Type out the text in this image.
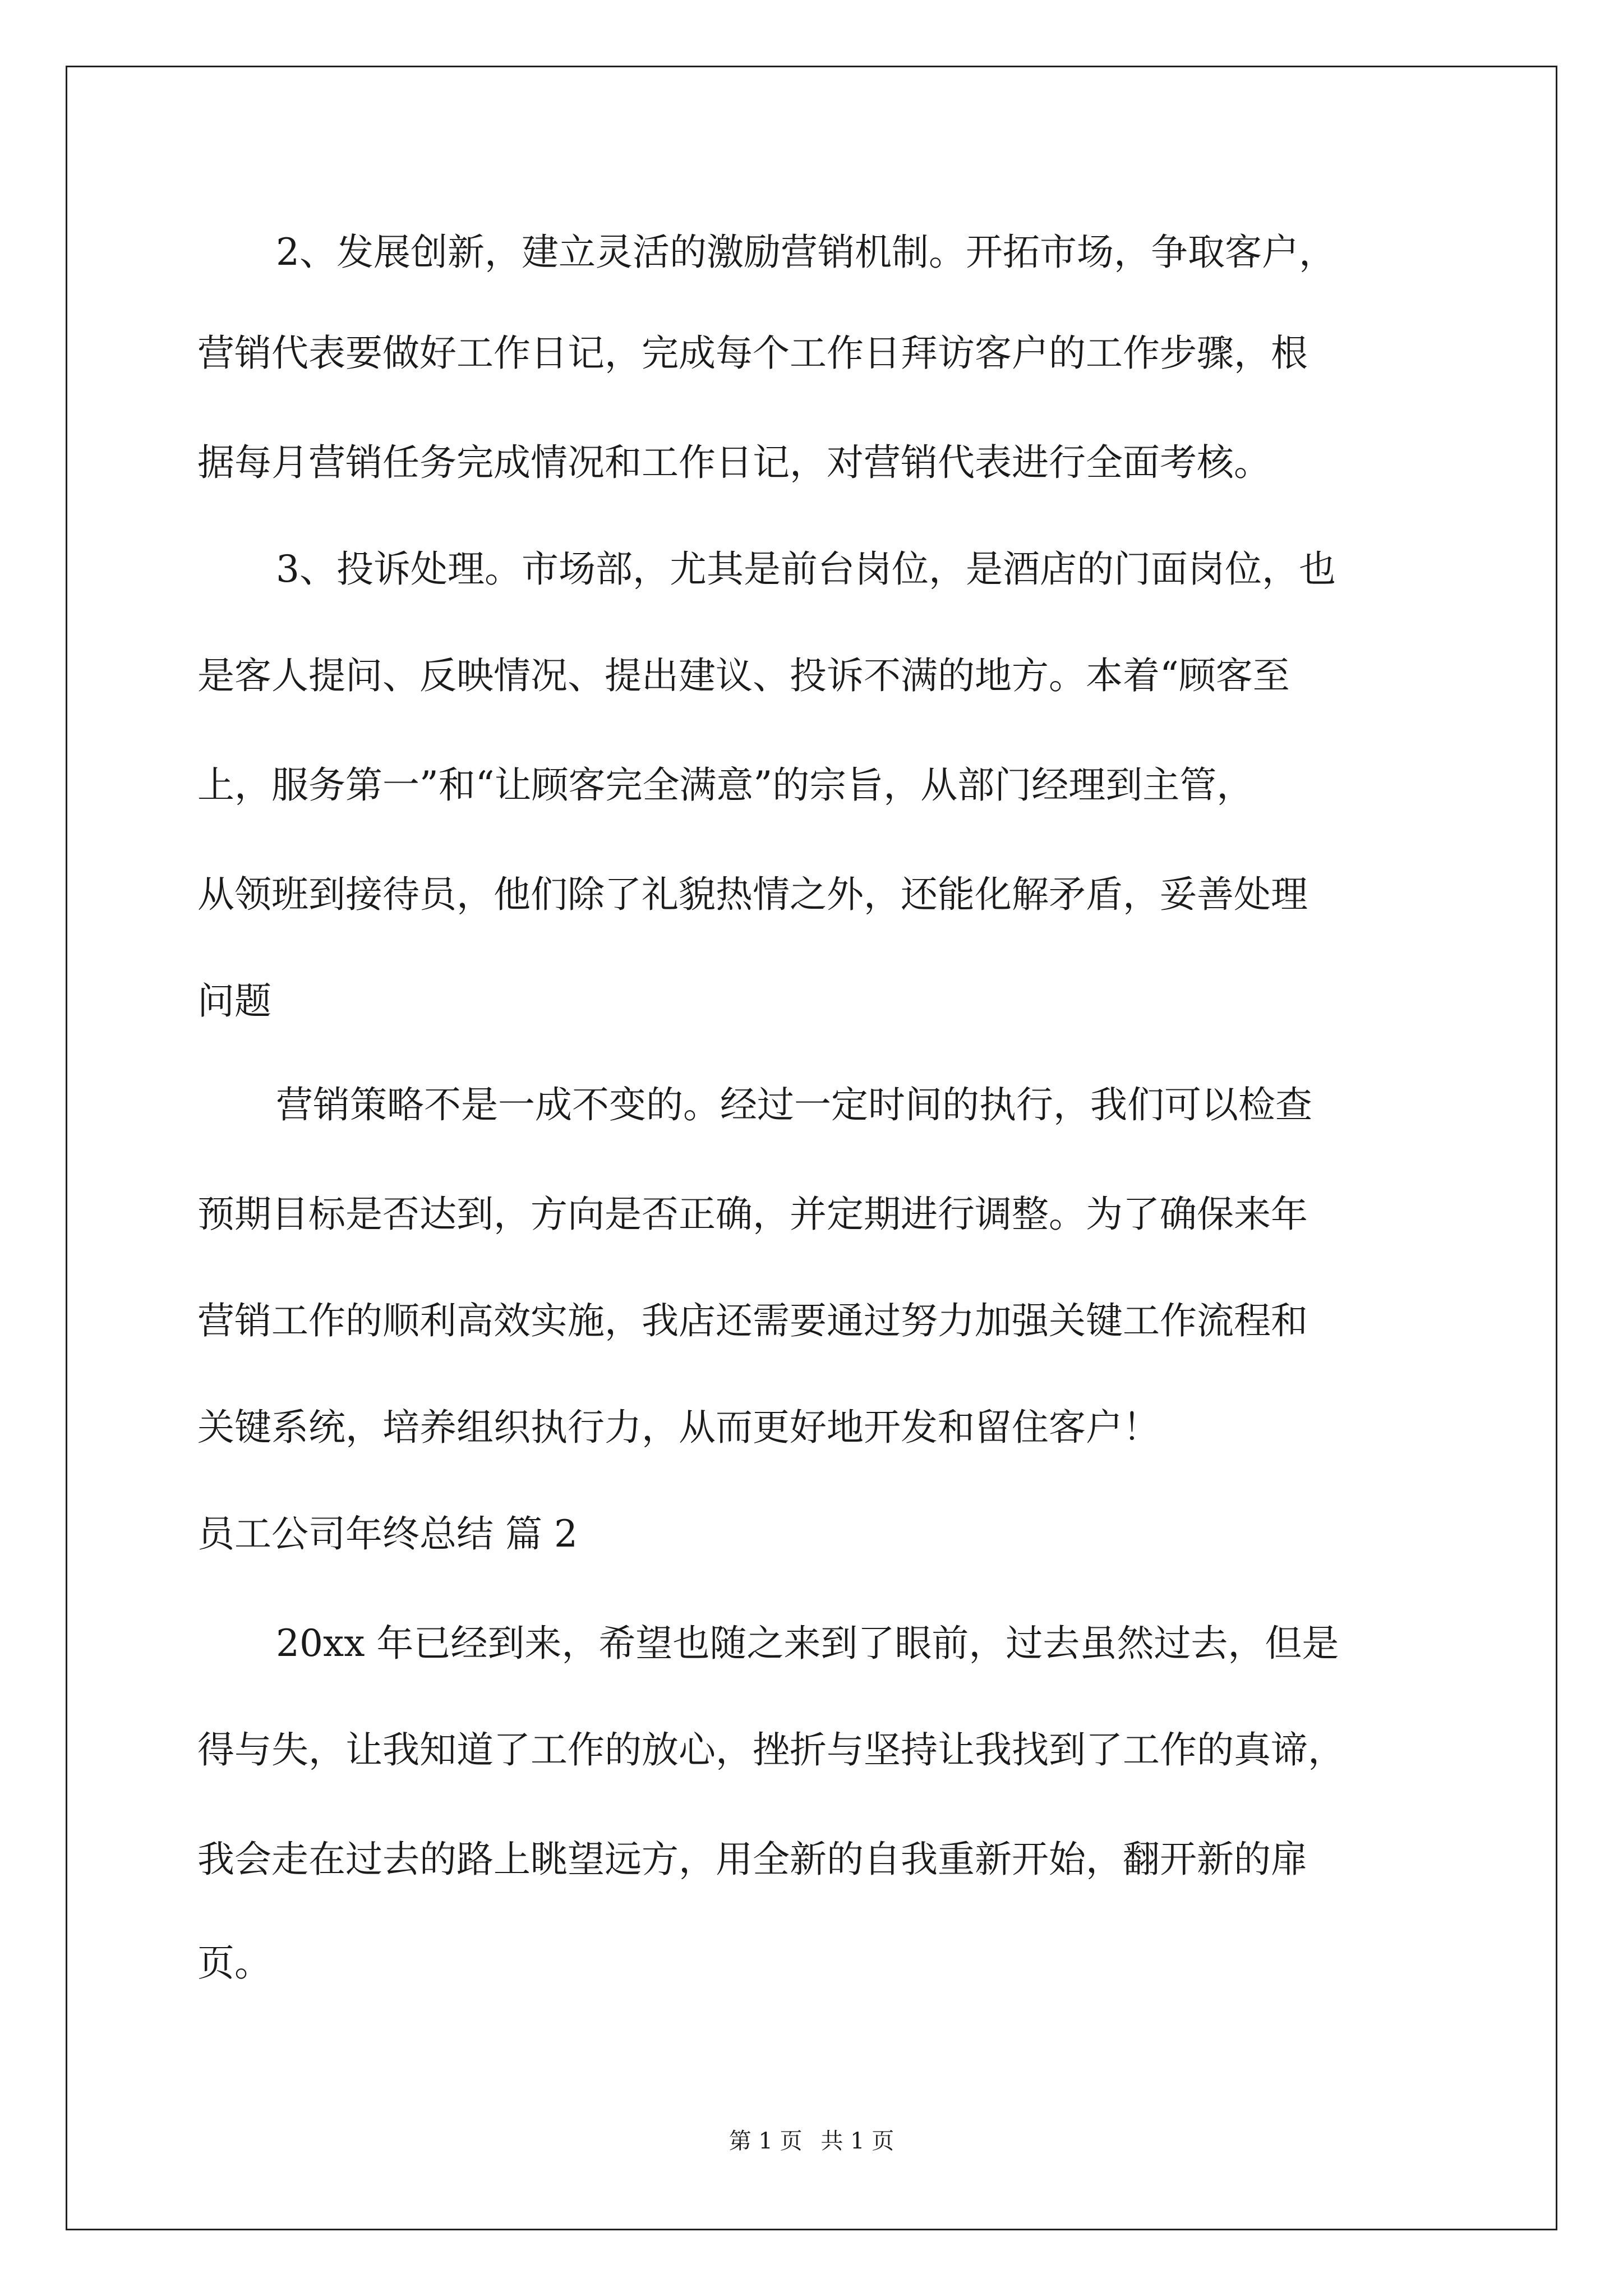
2、发展创新，建立灵活的激励营销机制。开拓市场，争取客户，

营销代表要做好工作日记，完成每个工作日拜访客户的工作步骤，根

据每月营销任务完成情况和工作日记，对营销代表进行全面考核。

3、投诉处理。市场部，尤其是前台岗位，是酒店的门面岗位，也

是客人提问、反映情况、提出建议、投诉不满的地方。本着“顾客至

上，服务第一”和“让顾客完全满意”的宗旨，从部门经理到主管，

从领班到接待员，他们除了礼貌热情之外，还能化解矛盾，妥善处理

问题

营销策略不是一成不变的。经过一定时间的执行，我们可以检查

预期目标是否达到，方向是否正确，并定期进行调整。为了确保来年

营销工作的顺利高效实施，我店还需要通过努力加强关键工作流程和

关键系统，培养组织执行力，从而更好地开发和留住客户！

员工公司年终总结 篇 2

20xx 年已经到来，希望也随之来到了眼前，过去虽然过去，但是

得与失，让我知道了工作的放心，挫折与坚持让我找到了工作的真谛，

我会走在过去的路上眺望远方，用全新的自我重新开始，翻开新的扉

页。

第 1 页 共 1 页
